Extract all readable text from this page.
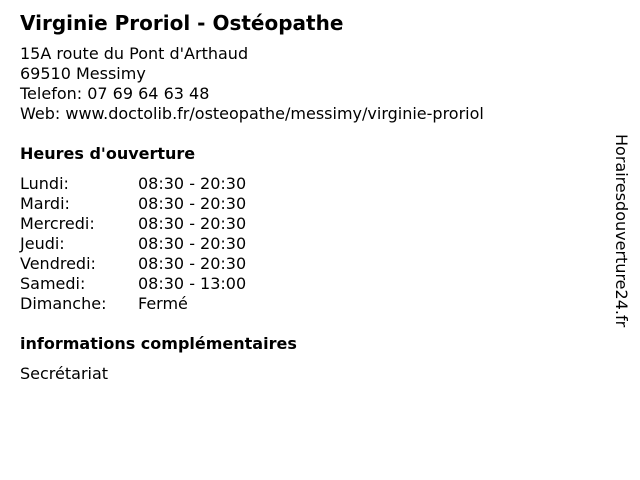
Virginie Proriol - Ostéopathe
15A route du Pont d'Arthaud
69510 Messimy
Telefon: 07 69 64 63 48
Web: www.doctolib.fr/osteopathe/messimy/virginie-proriol
Heures d'ouverture
Lundi:	08:30 - 20:30
Mardi:	08:30 - 20:30
Mercredi:	08:30 - 20:30
Jeudi:	08:30 - 20:30
Vendredi:	08:30 - 20:30
Samedi:	08:30 - 13:00
Dimanche: Fermé
informations complémentaires
Secrétariat
Horairesdouverture24.fr
